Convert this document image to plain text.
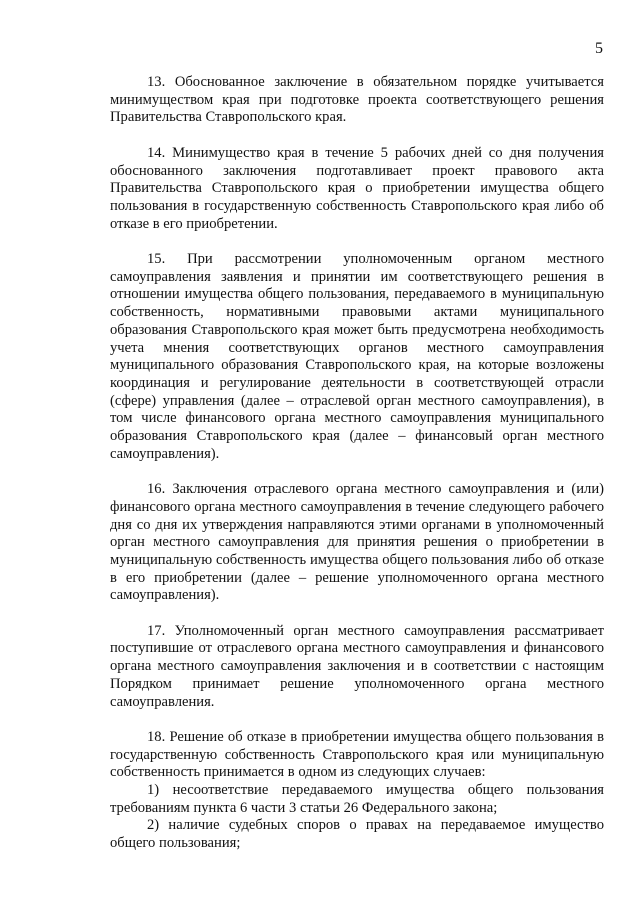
5

13. Обоснованное заключение в обязательном порядке учитывается минимуществом края при подготовке проекта соответствующего решения Правительства Ставропольского края.

14. Минимущество края в течение 5 рабочих дней со дня получения обоснованного заключения подготавливает проект правового акта Правительства Ставропольского края о приобретении имущества общего пользования в государственную собственность Ставропольского края либо об отказе в его приобретении.

15. При рассмотрении уполномоченным органом местного самоуправления заявления и принятии им соответствующего решения в отношении имущества общего пользования, передаваемого в муниципальную собственность, нормативными правовыми актами муниципального образования Ставропольского края может быть предусмотрена необходимость учета мнения соответствующих органов местного самоуправления муниципального образования Ставропольского края, на которые возложены координация и регулирование деятельности в соответствующей отрасли (сфере) управления (далее – отраслевой орган местного самоуправления), в том числе финансового органа местного самоуправления муниципального образования Ставропольского края (далее – финансовый орган местного самоуправления).

16. Заключения отраслевого органа местного самоуправления и (или) финансового органа местного самоуправления в течение следующего рабочего дня со дня их утверждения направляются этими органами в уполномоченный орган местного самоуправления для принятия решения о приобретении в муниципальную собственность имущества общего пользования либо об отказе в его приобретении (далее – решение уполномоченного органа местного самоуправления).

17. Уполномоченный орган местного самоуправления рассматривает поступившие от отраслевого органа местного самоуправления и финансового органа местного самоуправления заключения и в соответствии с настоящим Порядком принимает решение уполномоченного органа местного самоуправления.

18. Решение об отказе в приобретении имущества общего пользования в государственную собственность Ставропольского края или муниципальную собственность принимается в одном из следующих случаев:

1) несоответствие передаваемого имущества общего пользования требованиям пункта 6 части 3 статьи 26 Федерального закона;

2) наличие судебных споров о правах на передаваемое имущество общего пользования;
